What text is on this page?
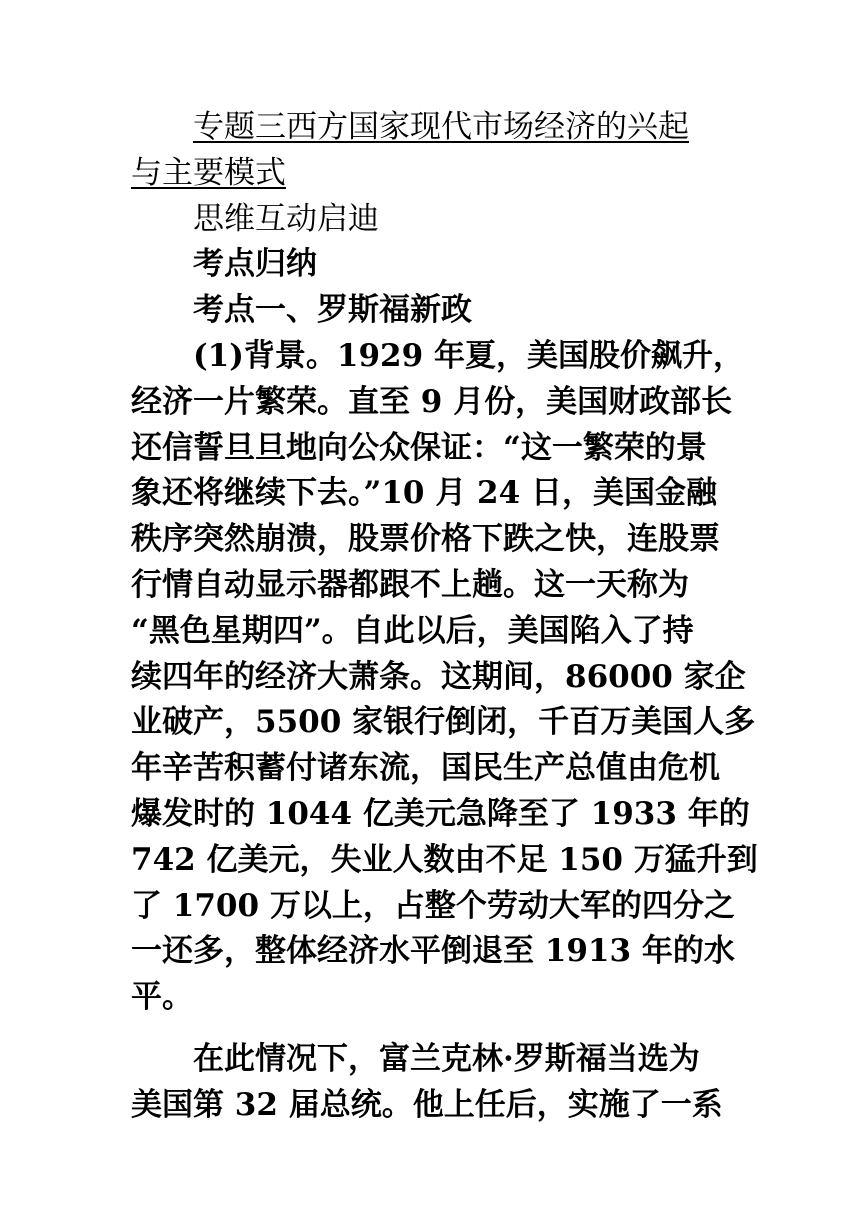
专题三西方国家现代市场经济的兴起
与主要模式
思维互动启迪
考点归纳
考点一、罗斯福新政
(1)背景。1929 年夏，美国股价飙升，
经济一片繁荣。直至 9 月份，美国财政部长
还信誓旦旦地向公众保证：“这一繁荣的景
象还将继续下去。”10 月 24 日，美国金融
秩序突然崩溃，股票价格下跌之快，连股票
行情自动显示器都跟不上趟。这一天称为
“黑色星期四”。自此以后，美国陷入了持
续四年的经济大萧条。这期间，86000 家企
业破产，5500 家银行倒闭，千百万美国人多
年辛苦积蓄付诸东流，国民生产总值由危机
爆发时的 1044 亿美元急降至了 1933 年的
742 亿美元，失业人数由不足 150 万猛升到
了 1700 万以上，占整个劳动大军的四分之
一还多，整体经济水平倒退至 1913 年的水
平。
在此情况下，富兰克林·罗斯福当选为
美国第 32 届总统。他上任后，实施了一系
